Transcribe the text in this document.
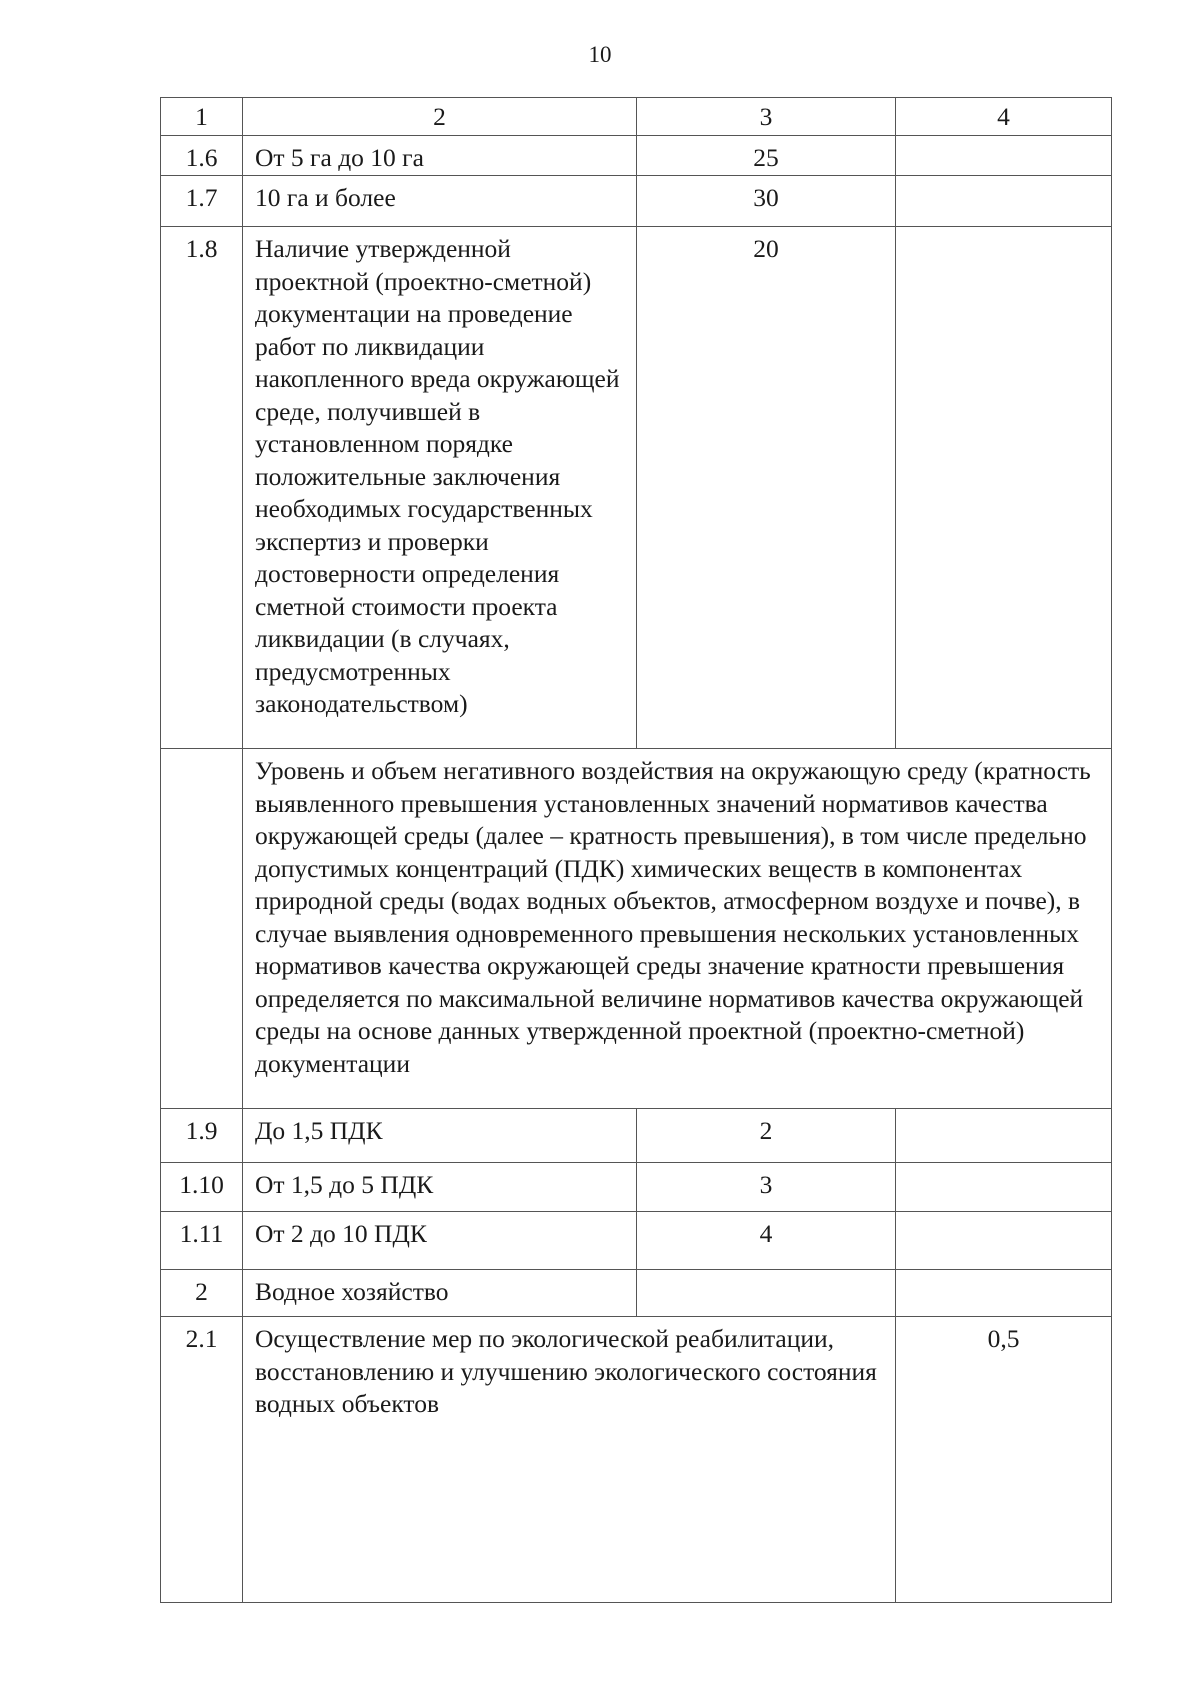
10
1	2	3	4
1.6	От 5 га до 10 га	25	
1.7	10 га и более	30	
1.8	Наличие утвержденной проектной (проектно-сметной) документации на проведение работ по ликвидации накопленного вреда окружающей среде, получившей в установленном порядке положительные заключения необходимых государственных экспертиз и проверки достоверности определения сметной стоимости проекта ликвидации (в случаях, предусмотренных законодательством)	20	
	Уровень и объем негативного воздействия на окружающую среду (кратность выявленного превышения установленных значений нормативов качества окружающей среды (далее – кратность превышения), в том числе предельно допустимых концентраций (ПДК) химических веществ в компонентах природной среды (водах водных объектов, атмосферном воздухе и почве), в случае выявления одновременного превышения нескольких установленных нормативов качества окружающей среды значение кратности превышения определяется по максимальной величине нормативов качества окружающей среды на основе данных утвержденной проектной (проектно-сметной) документации		
1.9	До 1,5 ПДК	2	
1.10	От 1,5 до 5 ПДК	3	
1.11	От 2 до 10 ПДК	4	
2	Водное хозяйство		
2.1	Осуществление мер по экологической реабилитации, восстановлению и улучшению экологического состояния водных объектов		0,5
